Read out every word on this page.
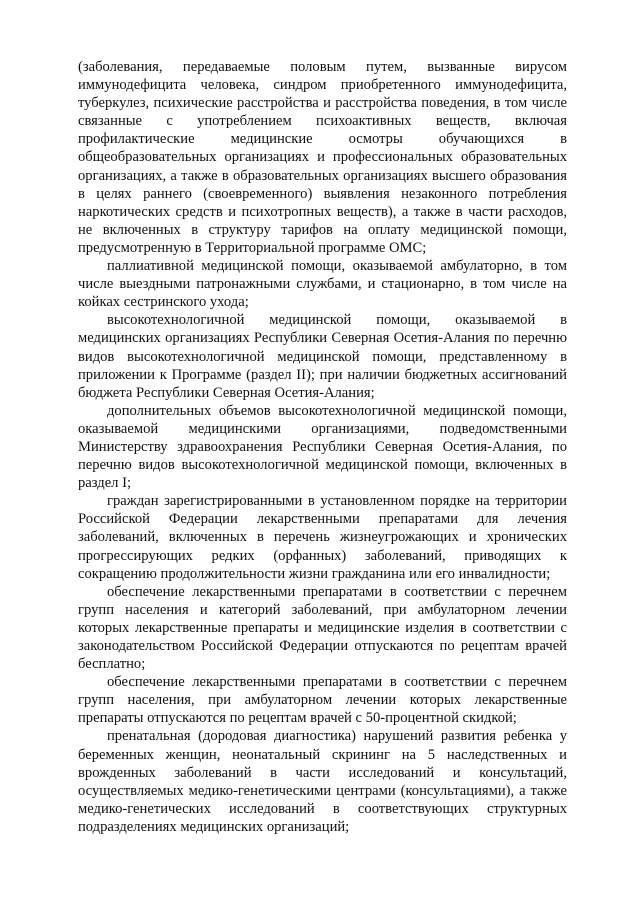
(заболевания, передаваемые половым путем, вызванные вирусом иммунодефицита человека, синдром приобретенного иммунодефицита, туберкулез, психические расстройства и расстройства поведения, в том числе связанные с употреблением психоактивных веществ, включая профилактические медицинские осмотры обучающихся в общеобразовательных организациях и профессиональных образовательных организациях, а также в образовательных организациях высшего образования в целях раннего (своевременного) выявления незаконного потребления наркотических средств и психотропных веществ), а также в части расходов, не включенных в структуру тарифов на оплату медицинской помощи, предусмотренную в Территориальной программе ОМС;

паллиативной медицинской помощи, оказываемой амбулаторно, в том числе выездными патронажными службами, и стационарно, в том числе на койках сестринского ухода;

высокотехнологичной медицинской помощи, оказываемой в медицинских организациях Республики Северная Осетия-Алания по перечню видов высокотехнологичной медицинской помощи, представленному в приложении к Программе (раздел II); при наличии бюджетных ассигнований бюджета Республики Северная Осетия-Алания;

дополнительных объемов высокотехнологичной медицинской помощи, оказываемой медицинскими организациями, подведомственными Министерству здравоохранения Республики Северная Осетия-Алания, по перечню видов высокотехнологичной медицинской помощи, включенных в раздел I;

граждан зарегистрированными в установленном порядке на территории Российской Федерации лекарственными препаратами для лечения заболеваний, включенных в перечень жизнеугрожающих и хронических прогрессирующих редких (орфанных) заболеваний, приводящих к сокращению продолжительности жизни гражданина или его инвалидности;

обеспечение лекарственными препаратами в соответствии с перечнем групп населения и категорий заболеваний, при амбулаторном лечении которых лекарственные препараты и медицинские изделия в соответствии с законодательством Российской Федерации отпускаются по рецептам врачей бесплатно;

обеспечение лекарственными препаратами в соответствии с перечнем групп населения, при амбулаторном лечении которых лекарственные препараты отпускаются по рецептам врачей с 50-процентной скидкой;

пренатальная (дородовая диагностика) нарушений развития ребенка у беременных женщин, неонатальный скрининг на 5 наследственных и врожденных заболеваний в части исследований и консультаций, осуществляемых медико-генетическими центрами (консультациями), а также медико-генетических исследований в соответствующих структурных подразделениях медицинских организаций;
